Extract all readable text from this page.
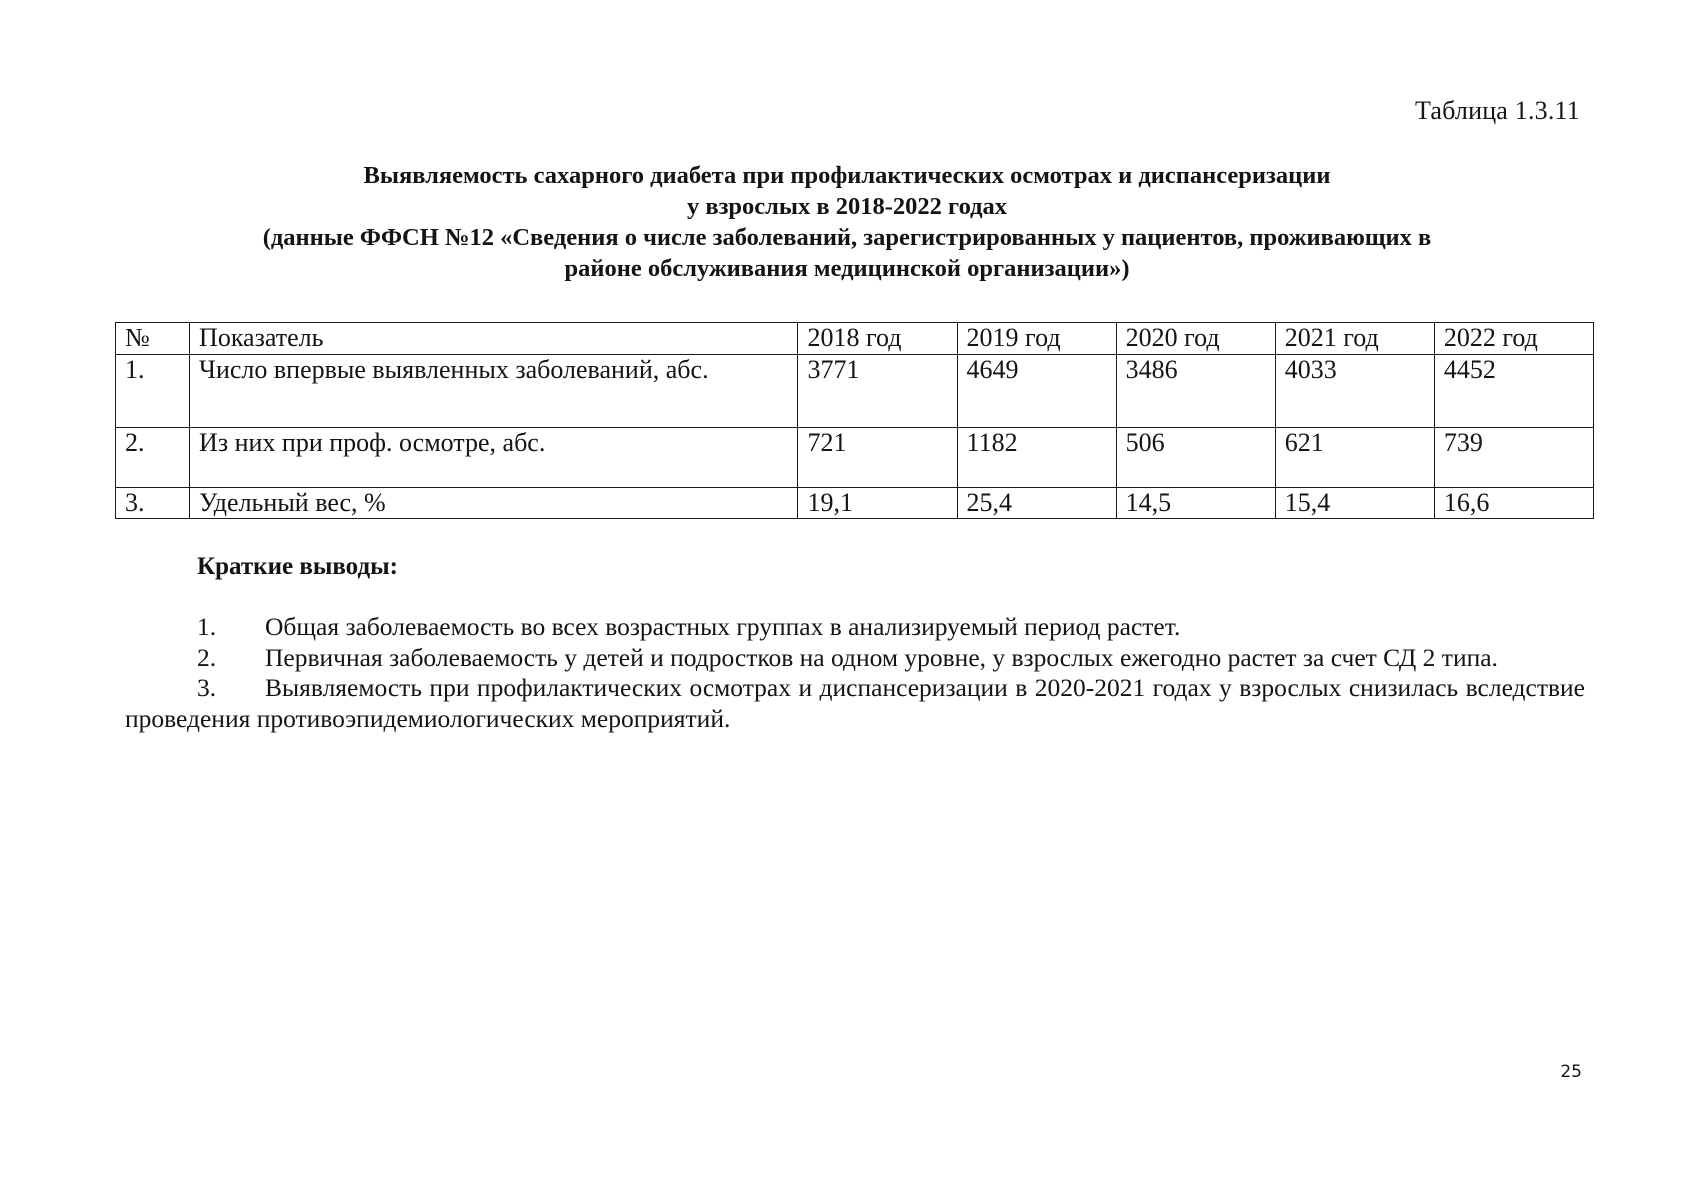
Таблица 1.3.11
Выявляемость сахарного диабета при профилактических осмотрах и диспансеризации
у взрослых в 2018-2022 годах
(данные ФФСН №12 «Сведения о числе заболеваний, зарегистрированных у пациентов, проживающих в
районе обслуживания медицинской организации»)
№	Показатель	2018 год	2019 год	2020 год	2021 год	2022 год
1.	Число впервые выявленных заболеваний, абс.	3771	4649	3486	4033	4452
2.	Из них при проф. осмотре, абс.	721	1182	506	621	739
3.	Удельный вес, %	19,1	25,4	14,5	15,4	16,6
Краткие выводы:

1. Общая заболеваемость во всех возрастных группах в анализируемый период растет.

2. Первичная заболеваемость у детей и подростков на одном уровне, у взрослых ежегодно растет за счет СД 2 типа.

3. Выявляемость при профилактических осмотрах и диспансеризации в 2020-2021 годах у взрослых снизилась вследствие проведения противоэпидемиологических мероприятий.

25
